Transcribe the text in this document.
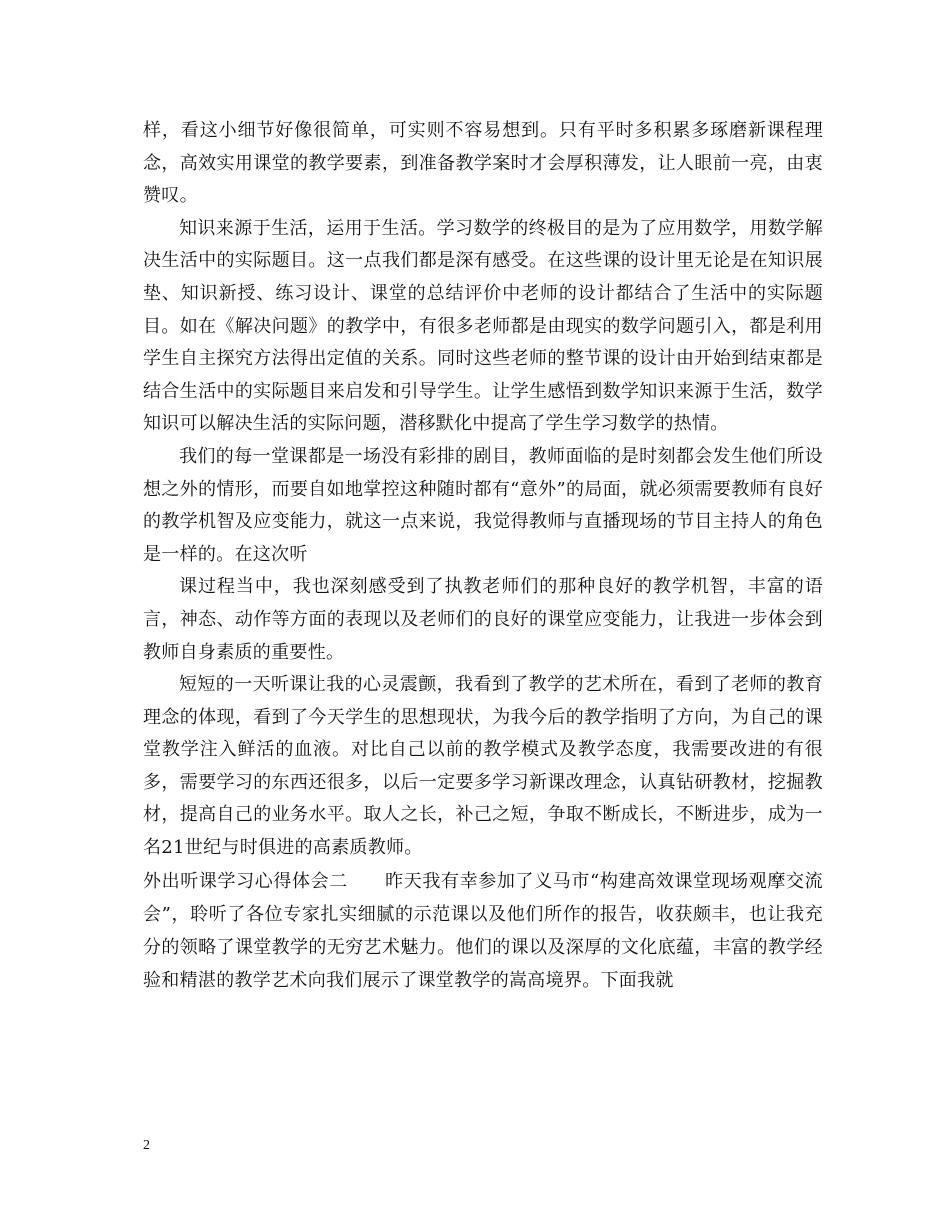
样，看这小细节好像很简单，可实则不容易想到。只有平时多积累多琢磨新课程理念，高效实用课堂的教学要素，到准备教学案时才会厚积薄发，让人眼前一亮，由衷赞叹。

知识来源于生活，运用于生活。学习数学的终极目的是为了应用数学，用数学解决生活中的实际题目。这一点我们都是深有感受。在这些课的设计里无论是在知识展垫、知识新授、练习设计、课堂的总结评价中老师的设计都结合了生活中的实际题目。如在《解决问题》的教学中，有很多老师都是由现实的数学问题引入，都是利用学生自主探究方法得出定值的关系。同时这些老师的整节课的设计由开始到结束都是结合生活中的实际题目来启发和引导学生。让学生感悟到数学知识来源于生活，数学知识可以解决生活的实际问题，潜移默化中提高了学生学习数学的热情。

我们的每一堂课都是一场没有彩排的剧目，教师面临的是时刻都会发生他们所设想之外的情形，而要自如地掌控这种随时都有“意外”的局面，就必须需要教师有良好的教学机智及应变能力，就这一点来说，我觉得教师与直播现场的节目主持人的角色是一样的。在这次听

课过程当中，我也深刻感受到了执教老师们的那种良好的教学机智，丰富的语言，神态、动作等方面的表现以及老师们的良好的课堂应变能力，让我进一步体会到教师自身素质的重要性。

短短的一天听课让我的心灵震颤，我看到了教学的艺术所在，看到了老师的教育理念的体现，看到了今天学生的思想现状，为我今后的教学指明了方向，为自己的课堂教学注入鲜活的血液。对比自己以前的教学模式及教学态度，我需要改进的有很多，需要学习的东西还很多，以后一定要多学习新课改理念，认真钻研教材，挖掘教材，提高自己的业务水平。取人之长，补己之短，争取不断成长，不断进步，成为一名21世纪与时俱进的高素质教师。

外出听课学习心得体会二　　昨天我有幸参加了义马市“构建高效课堂现场观摩交流会”，聆听了各位专家扎实细腻的示范课以及他们所作的报告，收获颇丰，也让我充分的领略了课堂教学的无穷艺术魅力。他们的课以及深厚的文化底蕴，丰富的教学经验和精湛的教学艺术向我们展示了课堂教学的嵩高境界。下面我就

2
